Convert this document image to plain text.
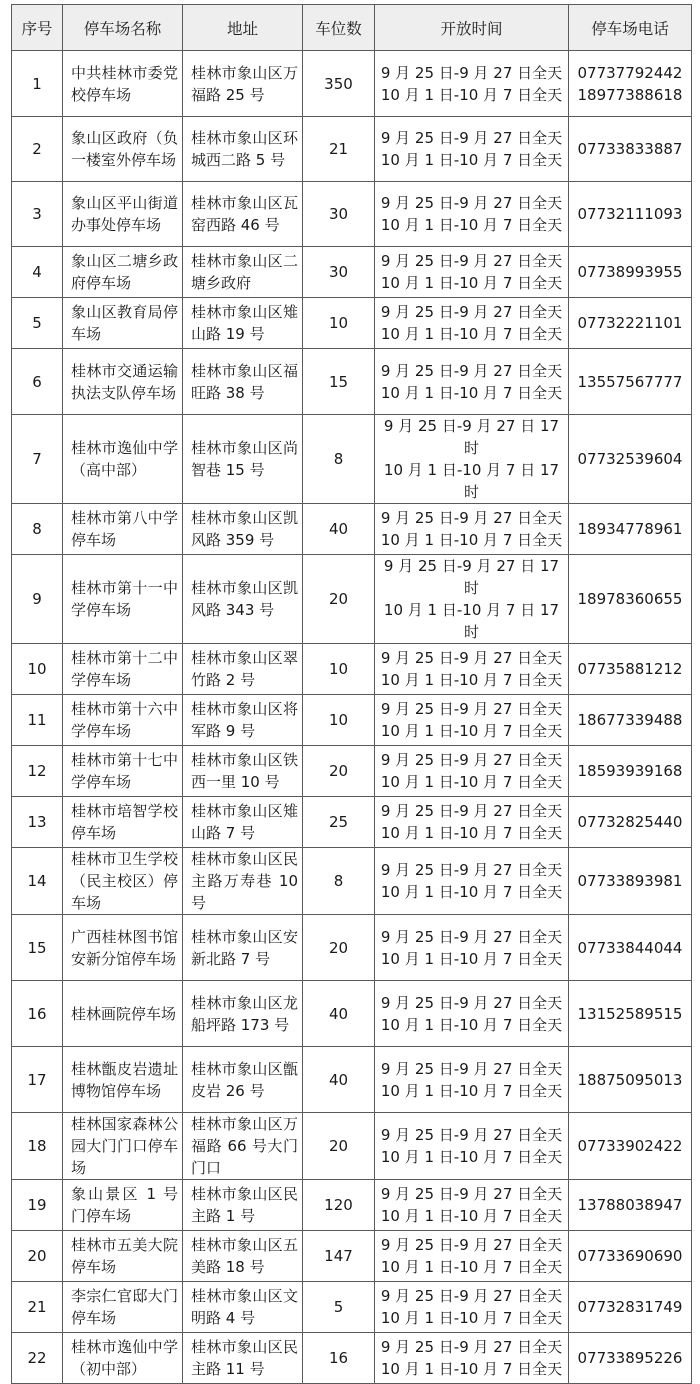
序号	停车场名称	地址	车位数	开放时间	停车场电话
1	中共桂林市委党校停车场	桂林市象山区万福路 25 号	350	9 月 25 日-9 月 27 日全天
10 月 1 日-10 月 7 日全天	07737792442
18977388618

2	象山区政府（负一楼室外停车场	桂林市象山区环城西二路 5 号	21	9 月 25 日-9 月 27 日全天
10 月 1 日-10 月 7 日全天	07733833887

3	象山区平山街道办事处停车场	桂林市象山区瓦窑西路 46 号	30	9 月 25 日-9 月 27 日全天
10 月 1 日-10 月 7 日全天	07732111093

4	象山区二塘乡政府停车场	桂林市象山区二塘乡政府	30	9 月 25 日-9 月 27 日全天
10 月 1 日-10 月 7 日全天	07738993955

5	象山区教育局停车场	桂林市象山区雉山路 19 号	10	9 月 25 日-9 月 27 日全天
10 月 1 日-10 月 7 日全天	07732221101

6	桂林市交通运输执法支队停车场	桂林市象山区福旺路 38 号	15	9 月 25 日-9 月 27 日全天
10 月 1 日-10 月 7 日全天	13557567777

7	桂林市逸仙中学（高中部）	桂林市象山区尚智巷 15 号	8	9 月 25 日-9 月 27 日 17
时
10 月 1 日-10 月 7 日 17
时	07732539604

8	桂林市第八中学停车场	桂林市象山区凯风路 359 号	40	9 月 25 日-9 月 27 日全天
10 月 1 日-10 月 7 日全天	18934778961

9	桂林市第十一中学停车场	桂林市象山区凯风路 343 号	20	9 月 25 日-9 月 27 日 17
时
10 月 1 日-10 月 7 日 17
时	18978360655

10	桂林市第十二中学停车场	桂林市象山区翠竹路 2 号	10	9 月 25 日-9 月 27 日全天
10 月 1 日-10 月 7 日全天	07735881212

11	桂林市第十六中学停车场	桂林市象山区将军路 9 号	10	9 月 25 日-9 月 27 日全天
10 月 1 日-10 月 7 日全天	18677339488

12	桂林市第十七中学停车场	桂林市象山区铁西一里 10 号	20	9 月 25 日-9 月 27 日全天
10 月 1 日-10 月 7 日全天	18593939168

13	桂林市培智学校停车场	桂林市象山区雉山路 7 号	25	9 月 25 日-9 月 27 日全天
10 月 1 日-10 月 7 日全天	07732825440

14	桂林市卫生学校（民主校区）停车场	桂林市象山区民主路万寿巷 10 号	8	9 月 25 日-9 月 27 日全天
10 月 1 日-10 月 7 日全天	07733893981

15	广西桂林图书馆安新分馆停车场	桂林市象山区安新北路 7 号	20	9 月 25 日-9 月 27 日全天
10 月 1 日-10 月 7 日全天	07733844044

16	桂林画院停车场	桂林市象山区龙船坪路 173 号	40	9 月 25 日-9 月 27 日全天
10 月 1 日-10 月 7 日全天	13152589515

17	桂林甑皮岩遗址博物馆停车场	桂林市象山区甑皮岩 26 号	40	9 月 25 日-9 月 27 日全天
10 月 1 日-10 月 7 日全天	18875095013

18	桂林国家森林公园大门门口停车场	桂林市象山区万福路 66 号大门门口	20	9 月 25 日-9 月 27 日全天
10 月 1 日-10 月 7 日全天	07733902422

19	象山景区 1 号门停车场	桂林市象山区民主路 1 号	120	9 月 25 日-9 月 27 日全天
10 月 1 日-10 月 7 日全天	13788038947

20	桂林市五美大院停车场	桂林市象山区五美路 18 号	147	9 月 25 日-9 月 27 日全天
10 月 1 日-10 月 7 日全天	07733690690

21	李宗仁官邸大门停车场	桂林市象山区文明路 4 号	5	9 月 25 日-9 月 27 日全天
10 月 1 日-10 月 7 日全天	07732831749

22	桂林市逸仙中学（初中部）	桂林市象山区民主路 11 号	16	9 月 25 日-9 月 27 日全天
10 月 1 日-10 月 7 日全天	07733895226
